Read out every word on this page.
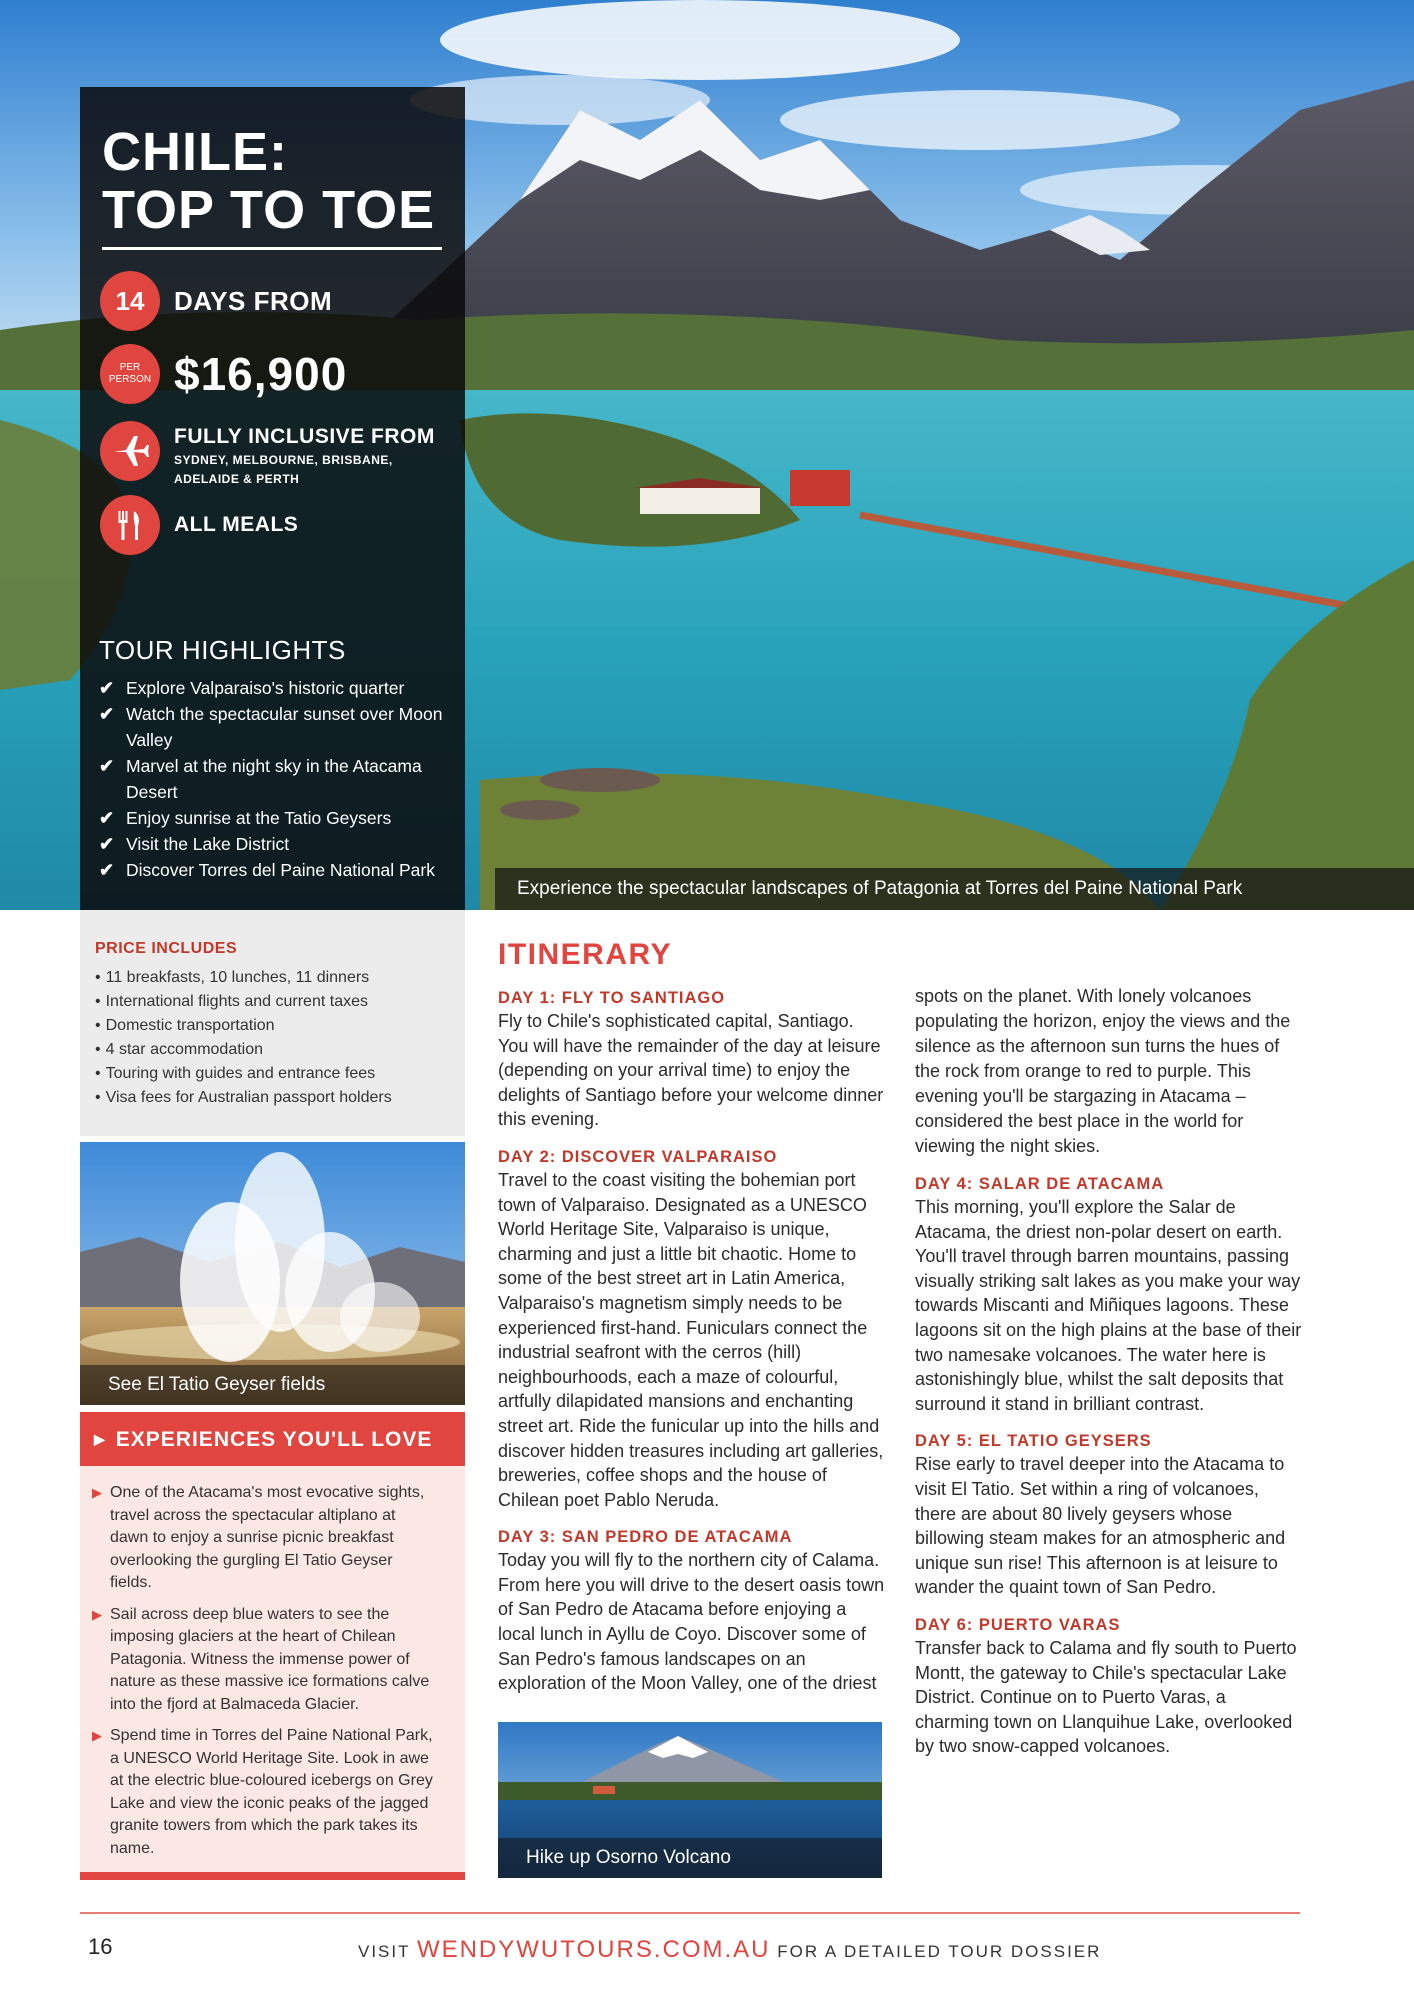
Experience the spectacular landscapes of Patagonia at Torres del Paine National Park
CHILE:
TOP TO TOE
14	DAYS FROM
PER PERSON $16,900
FULLY INCLUSIVE FROM
SYDNEY, MELBOURNE, BRISBANE,
ADELAIDE & PERTH
ALL MEALS
TOUR HIGHLIGHTS
✔ Explore Valparaiso's historic quarter
✔ Watch the spectacular sunset over Moon Valley
✔ Marvel at the night sky in the Atacama Desert
✔ Enjoy sunrise at the Tatio Geysers
✔ Visit the Lake District
✔ Discover Torres del Paine National Park
PRICE INCLUDES
• 11 breakfasts, 10 lunches, 11 dinners
• International flights and current taxes
• Domestic transportation
• 4 star accommodation
• Touring with guides and entrance fees
• Visa fees for Australian passport holders
See El Tatio Geyser fields
▶ EXPERIENCES YOU'LL LOVE
▶ One of the Atacama's most evocative sights, travel across the spectacular altiplano at dawn to enjoy a sunrise picnic breakfast overlooking the gurgling El Tatio Geyser fields.

▶ Sail across deep blue waters to see the imposing glaciers at the heart of Chilean Patagonia. Witness the immense power of nature as these massive ice formations calve into the fjord at Balmaceda Glacier.

▶ Spend time in Torres del Paine National Park, a UNESCO World Heritage Site. Look in awe at the electric blue-coloured icebergs on Grey Lake and view the iconic peaks of the jagged granite towers from which the park takes its name.

ITINERARY
DAY 1: FLY TO SANTIAGO

Fly to Chile's sophisticated capital, Santiago. You will have the remainder of the day at leisure (depending on your arrival time) to enjoy the delights of Santiago before your welcome dinner this evening.

DAY 2: DISCOVER VALPARAISO

Travel to the coast visiting the bohemian port town of Valparaiso. Designated as a UNESCO World Heritage Site, Valparaiso is unique, charming and just a little bit chaotic. Home to some of the best street art in Latin America, Valparaiso's magnetism simply needs to be experienced first-hand. Funiculars connect the industrial seafront with the cerros (hill) neighbourhoods, each a maze of colourful, artfully dilapidated mansions and enchanting street art. Ride the funicular up into the hills and discover hidden treasures including art galleries, breweries, coffee shops and the house of Chilean poet Pablo Neruda.

DAY 3: SAN PEDRO DE ATACAMA

Today you will fly to the northern city of Calama. From here you will drive to the desert oasis town of San Pedro de Atacama before enjoying a local lunch in Ayllu de Coyo. Discover some of San Pedro's famous landscapes on an exploration of the Moon Valley, one of the driest

Hike up Osorno Volcano

spots on the planet. With lonely volcanoes populating the horizon, enjoy the views and the silence as the afternoon sun turns the hues of the rock from orange to red to purple. This evening you'll be stargazing in Atacama – considered the best place in the world for viewing the night skies.

DAY 4: SALAR DE ATACAMA

This morning, you'll explore the Salar de Atacama, the driest non-polar desert on earth. You'll travel through barren mountains, passing visually striking salt lakes as you make your way towards Miscanti and Miñiques lagoons. These lagoons sit on the high plains at the base of their two namesake volcanoes. The water here is astonishingly blue, whilst the salt deposits that surround it stand in brilliant contrast.

DAY 5: EL TATIO GEYSERS

Rise early to travel deeper into the Atacama to visit El Tatio. Set within a ring of volcanoes, there are about 80 lively geysers whose billowing steam makes for an atmospheric and unique sun rise! This afternoon is at leisure to wander the quaint town of San Pedro.

DAY 6: PUERTO VARAS

Transfer back to Calama and fly south to Puerto Montt, the gateway to Chile's spectacular Lake District. Continue on to Puerto Varas, a charming town on Llanquihue Lake, overlooked by two snow-capped volcanoes.

16	VISIT WENDYWUTOURS.COM.AU FOR A DETAILED TOUR DOSSIER
